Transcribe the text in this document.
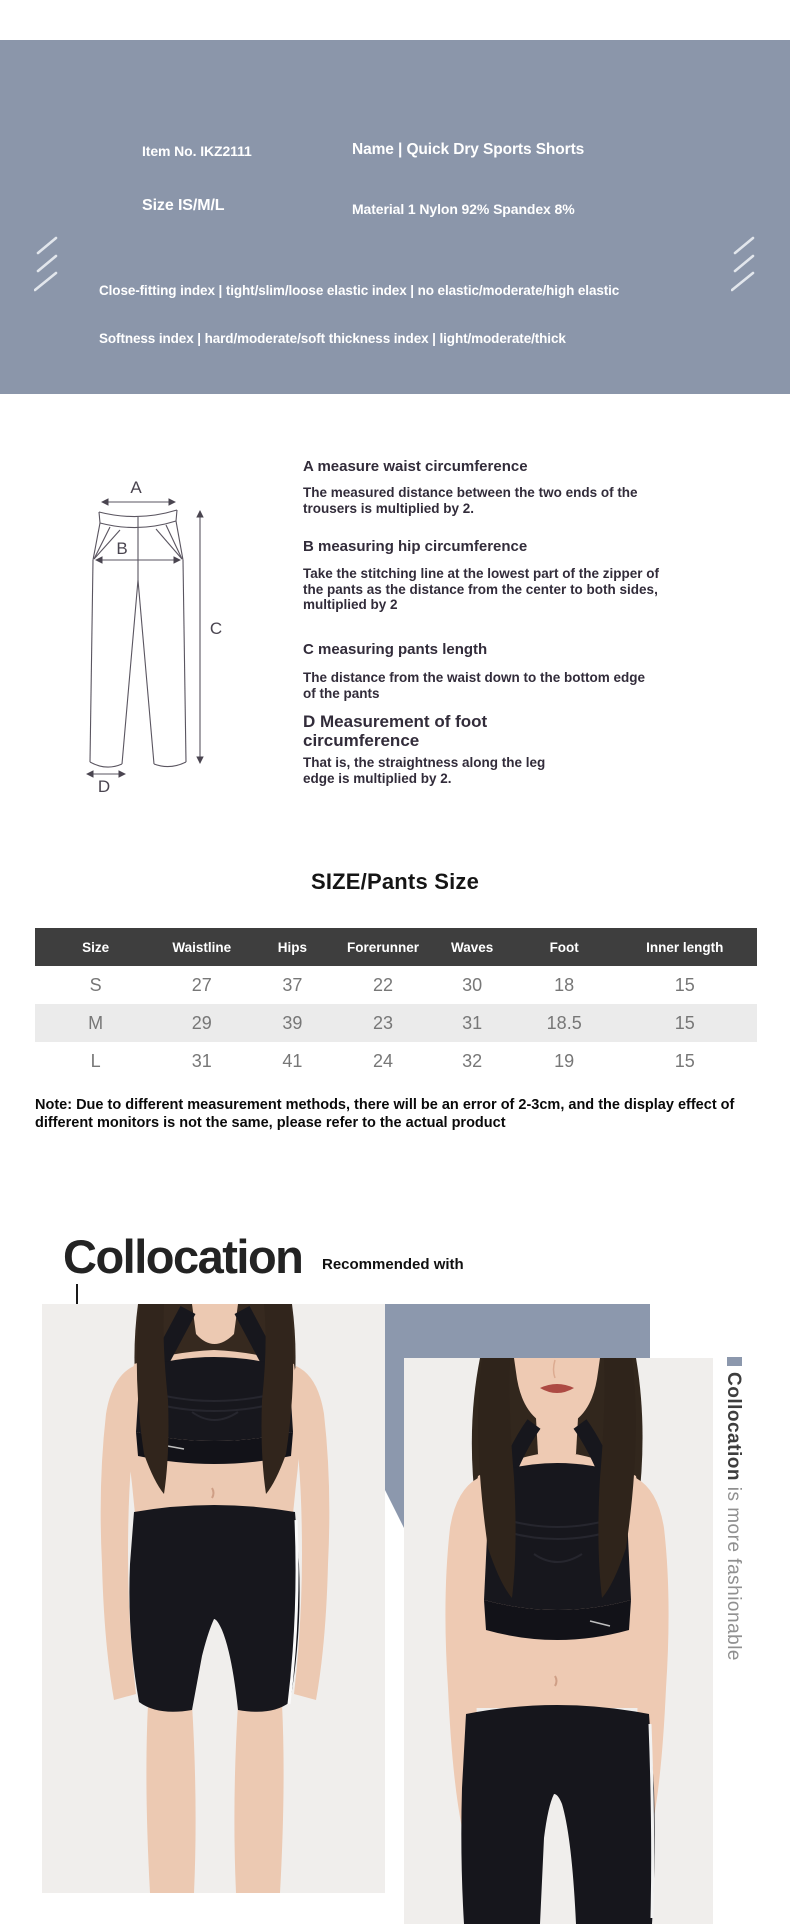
Item No. IKZ2111	Name | Quick Dry Sports Shorts
Size IS/M/L	Material 1 Nylon 92% Spandex 8%
Close-fitting index | tight/slim/loose elastic index | no elastic/moderate/high elastic
Softness index | hard/moderate/soft thickness index | light/moderate/thick
A
B
C
D
A measure waist circumference
The measured distance between the two ends of the trousers is multiplied by 2.
B measuring hip circumference
Take the stitching line at the lowest part of the zipper of the pants as the distance from the center to both sides, multiplied by 2
C measuring pants length
The distance from the waist down to the bottom edge of the pants
D Measurement of foot circumference
That is, the straightness along the leg edge is multiplied by 2.
SIZE/Pants Size
Size	Waistline	Hips	Forerunner	Waves	Foot	Inner length
S	27	37	22	30	18	15
M	29	39	23	31	18.5	15
L	31	41	24	32	19	15
Note: Due to different measurement methods, there will be an error of 2-3cm, and the display effect of different monitors is not the same, please refer to the actual product
Collocation Recommended with
Collocation is more fashionable
